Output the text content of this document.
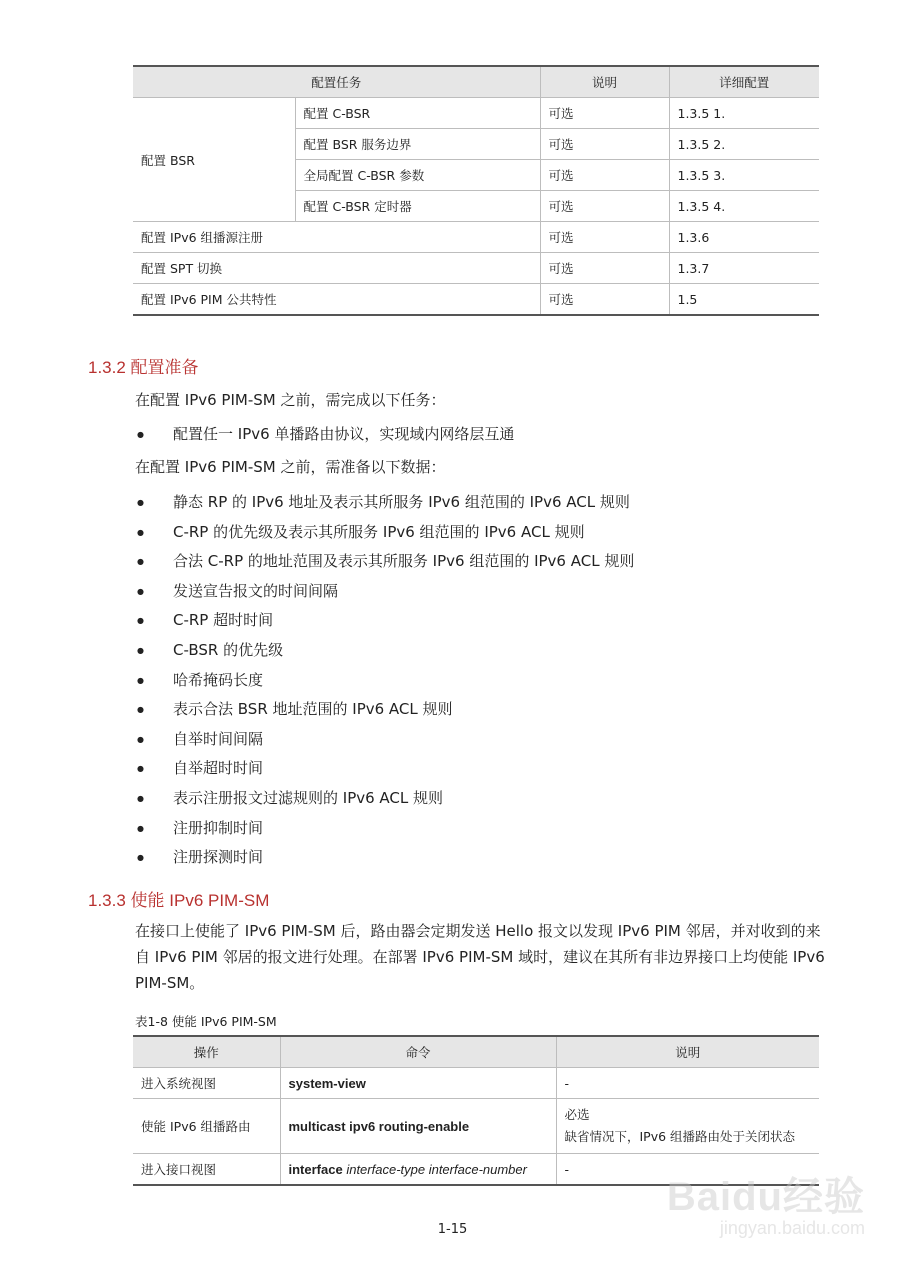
配置任务		说明	详细配置
配置 BSR	配置 C-BSR	可选	1.3.5 1.
	配置 BSR 服务边界	可选	1.3.5 2.
	全局配置 C-BSR 参数	可选	1.3.5 3.
	配置 C-BSR 定时器	可选	1.3.5 4.
配置 IPv6 组播源注册		可选	1.3.6
配置 SPT 切换		可选	1.3.7
配置 IPv6 PIM 公共特性		可选	1.5
1.3.2 配置准备
在配置 IPv6 PIM-SM 之前，需完成以下任务：
● 配置任一 IPv6 单播路由协议，实现域内网络层互通
在配置 IPv6 PIM-SM 之前，需准备以下数据：
● 静态 RP 的 IPv6 地址及表示其所服务 IPv6 组范围的 IPv6 ACL 规则
● C-RP 的优先级及表示其所服务 IPv6 组范围的 IPv6 ACL 规则
● 合法 C-RP 的地址范围及表示其所服务 IPv6 组范围的 IPv6 ACL 规则
● 发送宣告报文的时间间隔
● C-RP 超时时间
● C-BSR 的优先级
● 哈希掩码长度
● 表示合法 BSR 地址范围的 IPv6 ACL 规则
● 自举时间间隔
● 自举超时时间
● 表示注册报文过滤规则的 IPv6 ACL 规则
● 注册抑制时间
● 注册探测时间
1.3.3 使能 IPv6 PIM-SM
在接口上使能了 IPv6 PIM-SM 后，路由器会定期发送 Hello 报文以发现 IPv6 PIM 邻居，并对收到的来自 IPv6 PIM 邻居的报文进行处理。在部署 IPv6 PIM-SM 域时，建议在其所有非边界接口上均使能 IPv6 PIM-SM。
表1-8 使能 IPv6 PIM-SM
操作	命令	说明
进入系统视图	system-view	-
使能 IPv6 组播路由	multicast ipv6 routing-enable	必选
缺省情况下，IPv6 组播路由处于关闭状态

进入接口视图	interface interface-type interface-number	-
1-15
Baidu经验
jingyan.baidu.com
